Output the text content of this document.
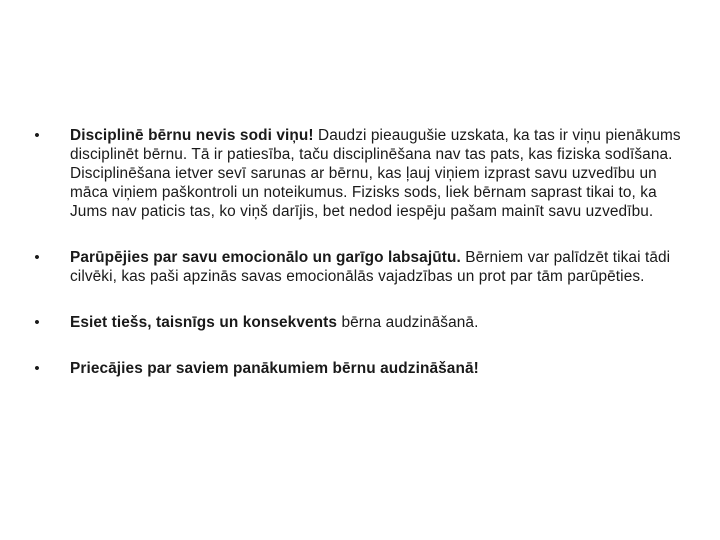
• Disciplinē bērnu nevis sodi viņu! Daudzi pieaugušie uzskata, ka tas ir viņu pienākums disciplinēt bērnu. Tā ir patiesība, taču disciplinēšana nav tas pats, kas fiziska sodīšana. Disciplinēšana ietver sevī sarunas ar bērnu, kas ļauj viņiem izprast savu uzvedību un māca viņiem paškontroli un noteikumus. Fizisks sods, liek bērnam saprast tikai to, ka Jums nav paticis tas, ko viņš darījis, bet nedod iespēju pašam mainīt savu uzvedību.
• Parūpējies par savu emocionālo un garīgo labsajūtu. Bērniem var palīdzēt tikai tādi cilvēki, kas paši apzinās savas emocionālās vajadzības un prot par tām parūpēties.
• Esiet tiešs, taisnīgs un konsekvents bērna audzināšanā.
• Priecājies par saviem panākumiem bērnu audzināšanā!
